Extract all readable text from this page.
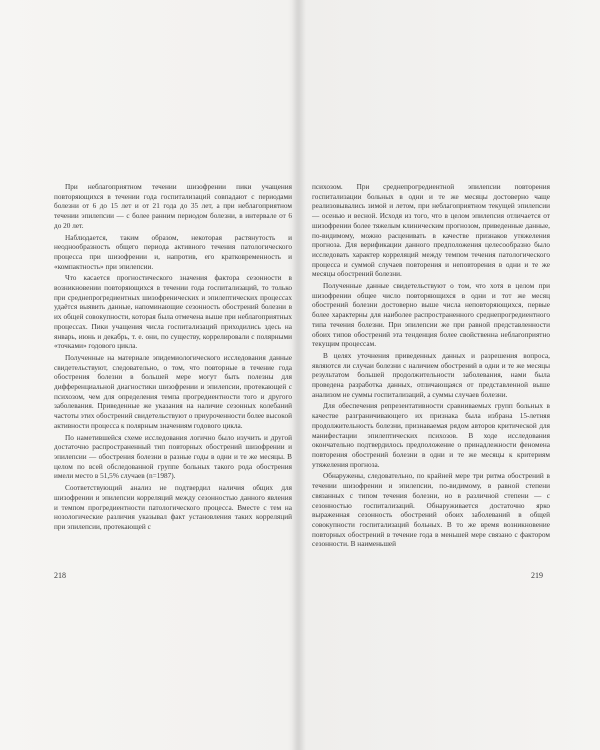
При неблагоприятном течении шизофрении пики учащения повторяющихся в течении года госпитализаций совпадают с периодами болезни от 6 до 15 лет и от 21 года до 35 лет, а при неблагоприятном течении эпилепсии — с более ранним периодом болезни, в интервале от 6 до 20 лет.

Наблюдается, таким образом, некоторая растянутость и неоднообразность общего периода активного течения патологического процесса при шизофрении и, напротив, его кратковременность и «компактность» при эпилепсии.

Что касается прогностического значения фактора сезонности в возникновении повторяющихся в течении года госпитализаций, то только при среднепрогредиентных шизофренических и эпилептических процессах удаётся выявить данные, напоминающие сезонность обострений болезни в их общей совокупности, которая была отмечена выше при неблагоприятных процессах. Пики учащения числа госпитализаций приходились здесь на январь, июнь и декабрь, т. е. они, по существу, коррелировали с полярными «точками» годового цикла.

Полученные на материале эпидемиологического исследования данные свидетельствуют, следовательно, о том, что повторные в течение года обострения болезни в большей мере могут быть полезны для дифференциальной диагностики шизофрении и эпилепсии, протекающей с психозом, чем для определения темпа прогредиентности того и другого заболевания. Приведенные же указания на наличие сезонных колебаний частоты этих обострений свидетельствуют о приуроченности более высокой активности процесса к полярным значениям годового цикла.

По наметившейся схеме исследования логично было изучить и другой достаточно распространенный тип повторных обострений шизофрении и эпилепсии — обострения болезни в разные годы в одни и те же месяцы. В целом по всей обследованной группе больных такого рода обострения имели место в 51,5% случаев (n=1987).

Соответствующий анализ не подтвердил наличия общих для шизофрении и эпилепсии корреляций между сезонностью данного явления и темпом прогредиентности патологического процесса. Вместе с тем на нозологические различия указывал факт установления таких корреляций при эпилепсии, протекающей с

психозом. При среднепрогредиентной эпилепсии повторения госпитализации больных в одни и те же месяцы достоверно чаще реализовывались зимой и летом, при неблагоприятном текущей эпилепсии — осенью и весной. Исходя из того, что в целом эпилепсия отличается от шизофрении более тяжелым клиническим прогнозом, приведенные данные, по-видимому, можно расценивать в качестве признаков утяжеления прогноза. Для верификации данного предположения целесообразно было исследовать характер корреляций между темпом течения патологического процесса и суммой случаев повторения и неповторения в одни и те же месяцы обострений болезни.

Полученные данные свидетельствуют о том, что хотя в целом при шизофрении общее число повторяющихся в одни и тот же месяц обострений болезни достоверно выше числа неповторяющихся, первые более характерны для наиболее распространенного среднепрогредиентного типа течения болезни. При эпилепсии же при равной представленности обоих типов обострений эта тенденция более свойственна неблагоприятно текущим процессам.

В целях уточнения приведенных данных и разрешения вопроса, являются ли случаи болезни с наличием обострений в одни и те же месяцы результатом большей продолжительности заболевания, нами была проведена разработка данных, отличающаяся от представленной выше анализом не суммы госпитализаций, а суммы случаев болезни.

Для обеспечения репрезентативности сравниваемых групп больных в качестве разграничивающего их признака была избрана 15-летняя продолжительность болезни, признаваемая рядом авторов критической для манифестации эпилептических психозов. В ходе исследования окончательно подтвердилось предположение о принадлежности феномена повторения обострений болезни в одни и те же месяцы к критериям утяжеления прогноза.

Обнаружены, следовательно, по крайней мере три ритма обострений в течении шизофрении и эпилепсии, по-видимому, в равной степени связанных с типом течения болезни, но в различной степени — с сезонностью госпитализаций. Обнаруживается достаточно ярко выраженная сезонность обострений обоих заболеваний в общей совокупности госпитализаций больных. В то же время возникновение повторных обострений в течение года в меньшей мере связано с фактором сезонности. В наименьшей

218	219
